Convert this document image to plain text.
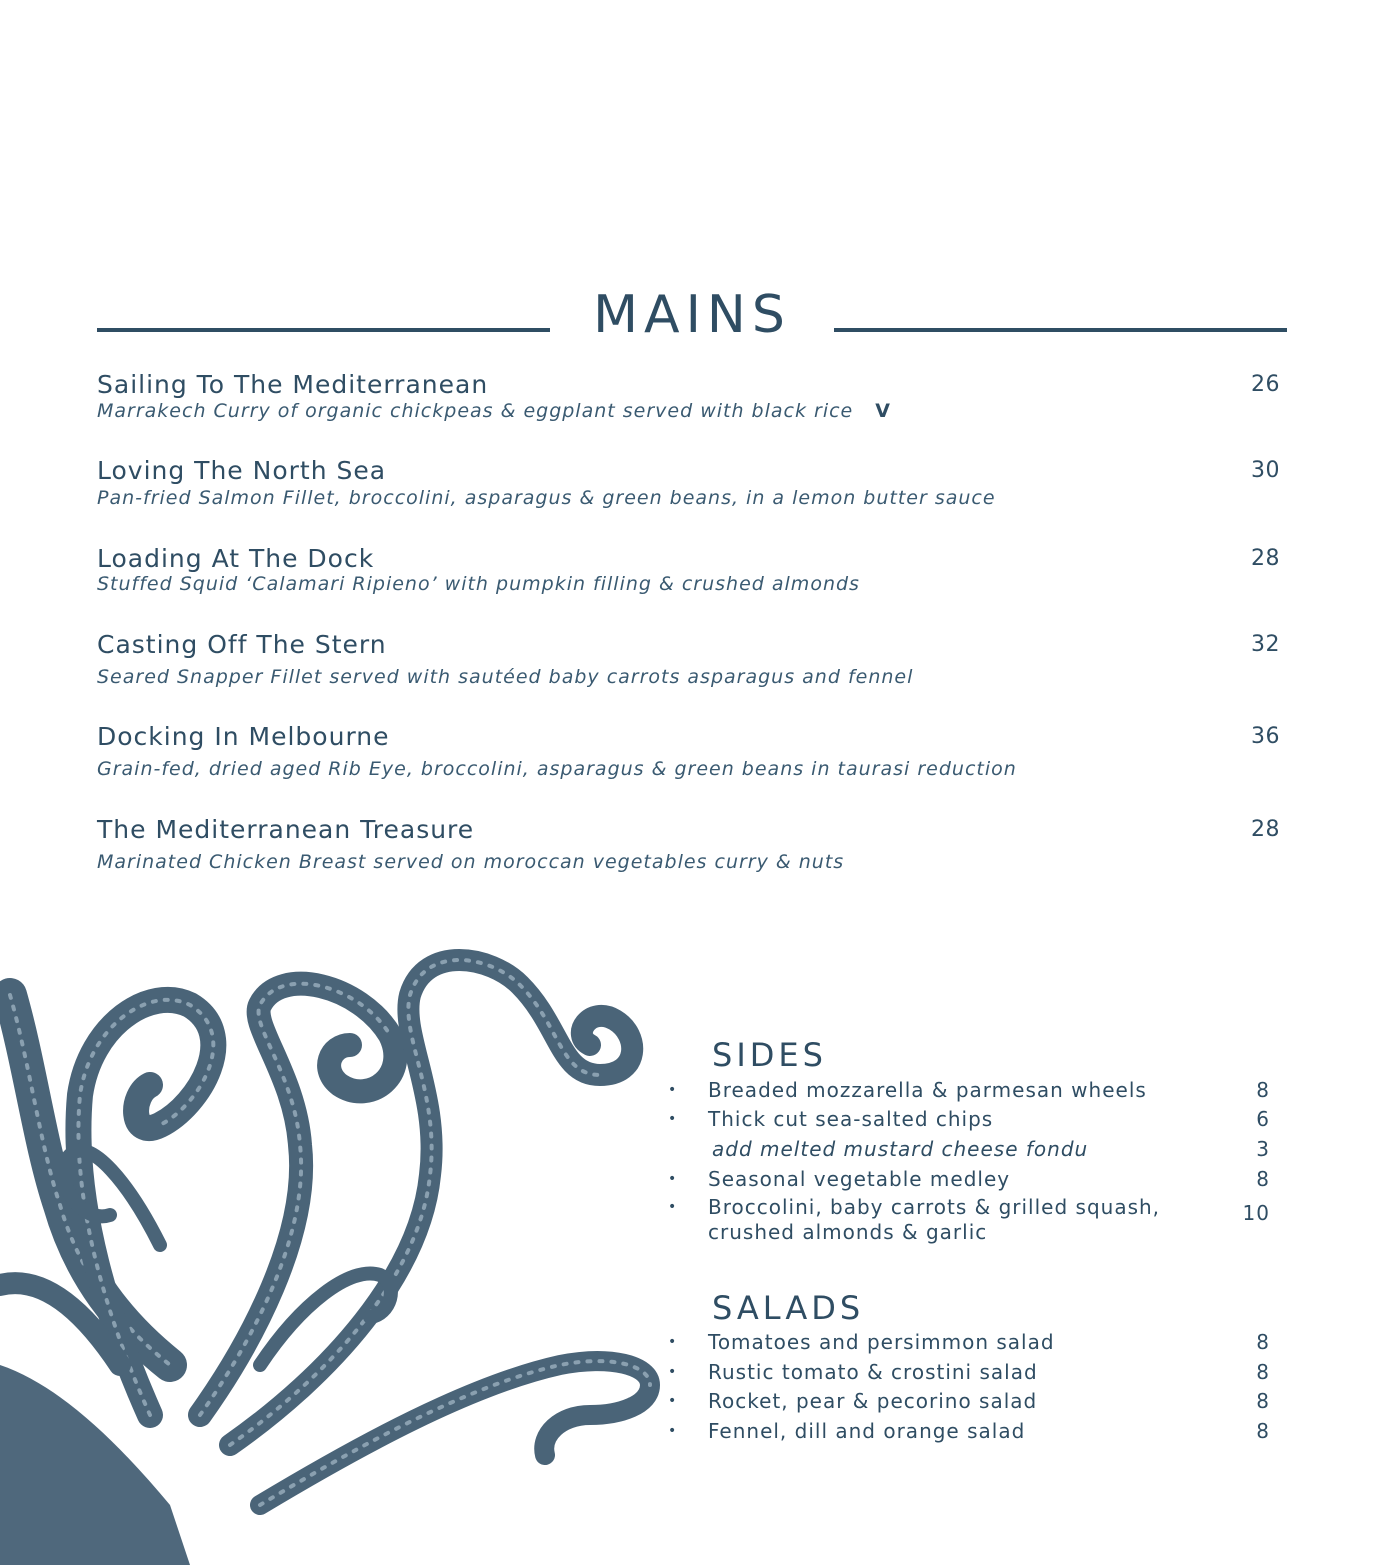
MAINS
Sailing To The Mediterranean	26
Marrakech Curry of organic chickpeas & eggplant served with black rice V
Loving The North Sea	30
Pan-fried Salmon Fillet, broccolini, asparagus & green beans, in a lemon butter sauce
Loading At The Dock	28
Stuffed Squid ‘Calamari Ripieno’ with pumpkin filling & crushed almonds
Casting Off The Stern	32
Seared Snapper Fillet served with sautéed baby carrots asparagus and fennel
Docking In Melbourne	36
Grain-fed, dried aged Rib Eye, broccolini, asparagus & green beans in taurasi reduction
The Mediterranean Treasure	28
Marinated Chicken Breast served on moroccan vegetables curry & nuts
SIDES
• Breaded mozzarella & parmesan wheels	8
• Thick cut sea-salted chips	6
add melted mustard cheese fondu	3
• Seasonal vegetable medley	8
• Broccolini, baby carrots & grilled squash,	10
crushed almonds & garlic
SALADS
• Tomatoes and persimmon salad	8
• Rustic tomato & crostini salad	8
• Rocket, pear & pecorino salad	8
• Fennel, dill and orange salad	8
